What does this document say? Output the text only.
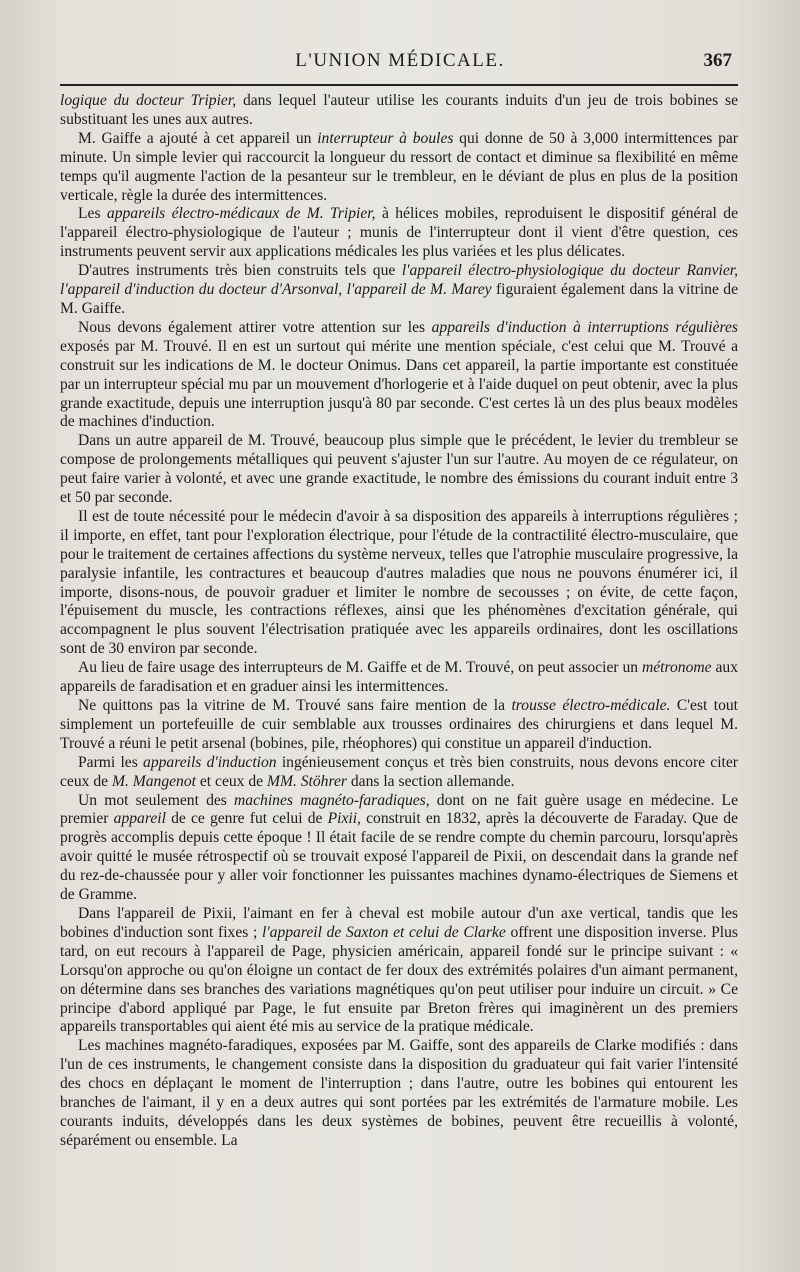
L'UNION MÉDICALE.	367

logique du docteur Tripier, dans lequel l'auteur utilise les courants induits d'un jeu de trois bobines se substituant les unes aux autres.

M. Gaiffe a ajouté à cet appareil un interrupteur à boules qui donne de 50 à 3,000 intermittences par minute. Un simple levier qui raccourcit la longueur du ressort de contact et diminue sa flexibilité en même temps qu'il augmente l'action de la pesanteur sur le trembleur, en le déviant de plus en plus de la position verticale, règle la durée des intermittences.

Les appareils électro-médicaux de M. Tripier, à hélices mobiles, reproduisent le dispositif général de l'appareil électro-physiologique de l'auteur ; munis de l'interrupteur dont il vient d'être question, ces instruments peuvent servir aux applications médicales les plus variées et les plus délicates.

D'autres instruments très bien construits tels que l'appareil électro-physiologique du docteur Ranvier, l'appareil d'induction du docteur d'Arsonval, l'appareil de M. Marey figuraient également dans la vitrine de M. Gaiffe.

Nous devons également attirer votre attention sur les appareils d'induction à interruptions régulières exposés par M. Trouvé. Il en est un surtout qui mérite une mention spéciale, c'est celui que M. Trouvé a construit sur les indications de M. le docteur Onimus. Dans cet appareil, la partie importante est constituée par un interrupteur spécial mu par un mouvement d'horlogerie et à l'aide duquel on peut obtenir, avec la plus grande exactitude, depuis une interruption jusqu'à 80 par seconde. C'est certes là un des plus beaux modèles de machines d'induction.

Dans un autre appareil de M. Trouvé, beaucoup plus simple que le précédent, le levier du trembleur se compose de prolongements métalliques qui peuvent s'ajuster l'un sur l'autre. Au moyen de ce régulateur, on peut faire varier à volonté, et avec une grande exactitude, le nombre des émissions du courant induit entre 3 et 50 par seconde.

Il est de toute nécessité pour le médecin d'avoir à sa disposition des appareils à interruptions régulières ; il importe, en effet, tant pour l'exploration électrique, pour l'étude de la contractilité électro-musculaire, que pour le traitement de certaines affections du système nerveux, telles que l'atrophie musculaire progressive, la paralysie infantile, les contractures et beaucoup d'autres maladies que nous ne pouvons énumérer ici, il importe, disons-nous, de pouvoir graduer et limiter le nombre de secousses ; on évite, de cette façon, l'épuisement du muscle, les contractions réflexes, ainsi que les phénomènes d'excitation générale, qui accompagnent le plus souvent l'électrisation pratiquée avec les appareils ordinaires, dont les oscillations sont de 30 environ par seconde.

Au lieu de faire usage des interrupteurs de M. Gaiffe et de M. Trouvé, on peut associer un métronome aux appareils de faradisation et en graduer ainsi les intermittences.

Ne quittons pas la vitrine de M. Trouvé sans faire mention de la trousse électro-médicale. C'est tout simplement un portefeuille de cuir semblable aux trousses ordinaires des chirurgiens et dans lequel M. Trouvé a réuni le petit arsenal (bobines, pile, rhéophores) qui constitue un appareil d'induction.

Parmi les appareils d'induction ingénieusement conçus et très bien construits, nous devons encore citer ceux de M. Mangenot et ceux de MM. Stöhrer dans la section allemande.

Un mot seulement des machines magnéto-faradiques, dont on ne fait guère usage en médecine. Le premier appareil de ce genre fut celui de Pixii, construit en 1832, après la découverte de Faraday. Que de progrès accomplis depuis cette époque ! Il était facile de se rendre compte du chemin parcouru, lorsqu'après avoir quitté le musée rétrospectif où se trouvait exposé l'appareil de Pixii, on descendait dans la grande nef du rez-de-chaussée pour y aller voir fonctionner les puissantes machines dynamo-électriques de Siemens et de Gramme.

Dans l'appareil de Pixii, l'aimant en fer à cheval est mobile autour d'un axe vertical, tandis que les bobines d'induction sont fixes ; l'appareil de Saxton et celui de Clarke offrent une disposition inverse. Plus tard, on eut recours à l'appareil de Page, physicien américain, appareil fondé sur le principe suivant : « Lorsqu'on approche ou qu'on éloigne un contact de fer doux des extrémités polaires d'un aimant permanent, on détermine dans ses branches des variations magnétiques qu'on peut utiliser pour induire un circuit. » Ce principe d'abord appliqué par Page, le fut ensuite par Breton frères qui imaginèrent un des premiers appareils transportables qui aient été mis au service de la pratique médicale.

Les machines magnéto-faradiques, exposées par M. Gaiffe, sont des appareils de Clarke modifiés : dans l'un de ces instruments, le changement consiste dans la disposition du graduateur qui fait varier l'intensité des chocs en déplaçant le moment de l'interruption ; dans l'autre, outre les bobines qui entourent les branches de l'aimant, il y en a deux autres qui sont portées par les extrémités de l'armature mobile. Les courants induits, développés dans les deux systèmes de bobines, peuvent être recueillis à volonté, séparément ou ensemble. La
